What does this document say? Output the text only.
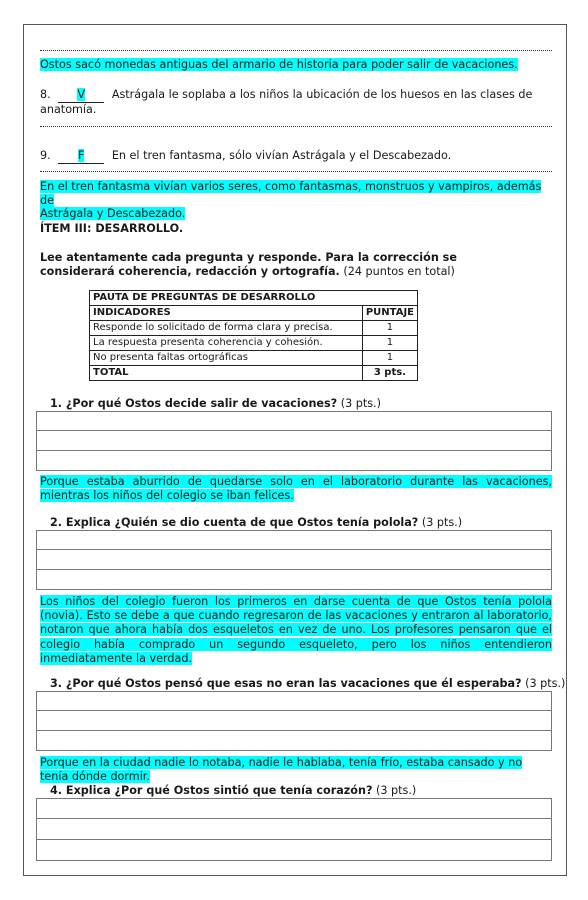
Ostos sacó monedas antiguas del armario de historia para poder salir de vacaciones.
8. V Astrágala le soplaba a los niños la ubicación de los huesos en las clases de
anatomía.
9. F En el tren fantasma, sólo vivían Astrágala y el Descabezado.
En el tren fantasma vivían varios seres, como fantasmas, monstruos y vampiros, además de
Astrágala y Descabezado.
ÍTEM III: DESARROLLO.
Lee atentamente cada pregunta y responde. Para la corrección se considerará coherencia, redacción y ortografía. (24 puntos en total)
PAUTA DE PREGUNTAS DE DESARROLLO	
INDICADORES	PUNTAJE
Responde lo solicitado de forma clara y precisa.	1
La respuesta presenta coherencia y cohesión.	1
No presenta faltas ortográficas	1
TOTAL	3 pts.
1. ¿Por qué Ostos decide salir de vacaciones? (3 pts.)
Porque estaba aburrido de quedarse solo en el laboratorio durante las vacaciones, mientras los niños del colegio se iban felices.
2. Explica ¿Quién se dio cuenta de que Ostos tenía polola? (3 pts.)
Los niños del colegio fueron los primeros en darse cuenta de que Ostos tenía polola (novia). Esto se debe a que cuando regresaron de las vacaciones y entraron al laboratorio, notaron que ahora había dos esqueletos en vez de uno. Los profesores pensaron que el colegio había comprado un segundo esqueleto, pero los niños entendieron inmediatamente la verdad.
3. ¿Por qué Ostos pensó que esas no eran las vacaciones que él esperaba? (3 pts.)
Porque en la ciudad nadie lo notaba, nadie le hablaba, tenía frío, estaba cansado y no tenía dónde dormir.
4. Explica ¿Por qué Ostos sintió que tenía corazón? (3 pts.)
